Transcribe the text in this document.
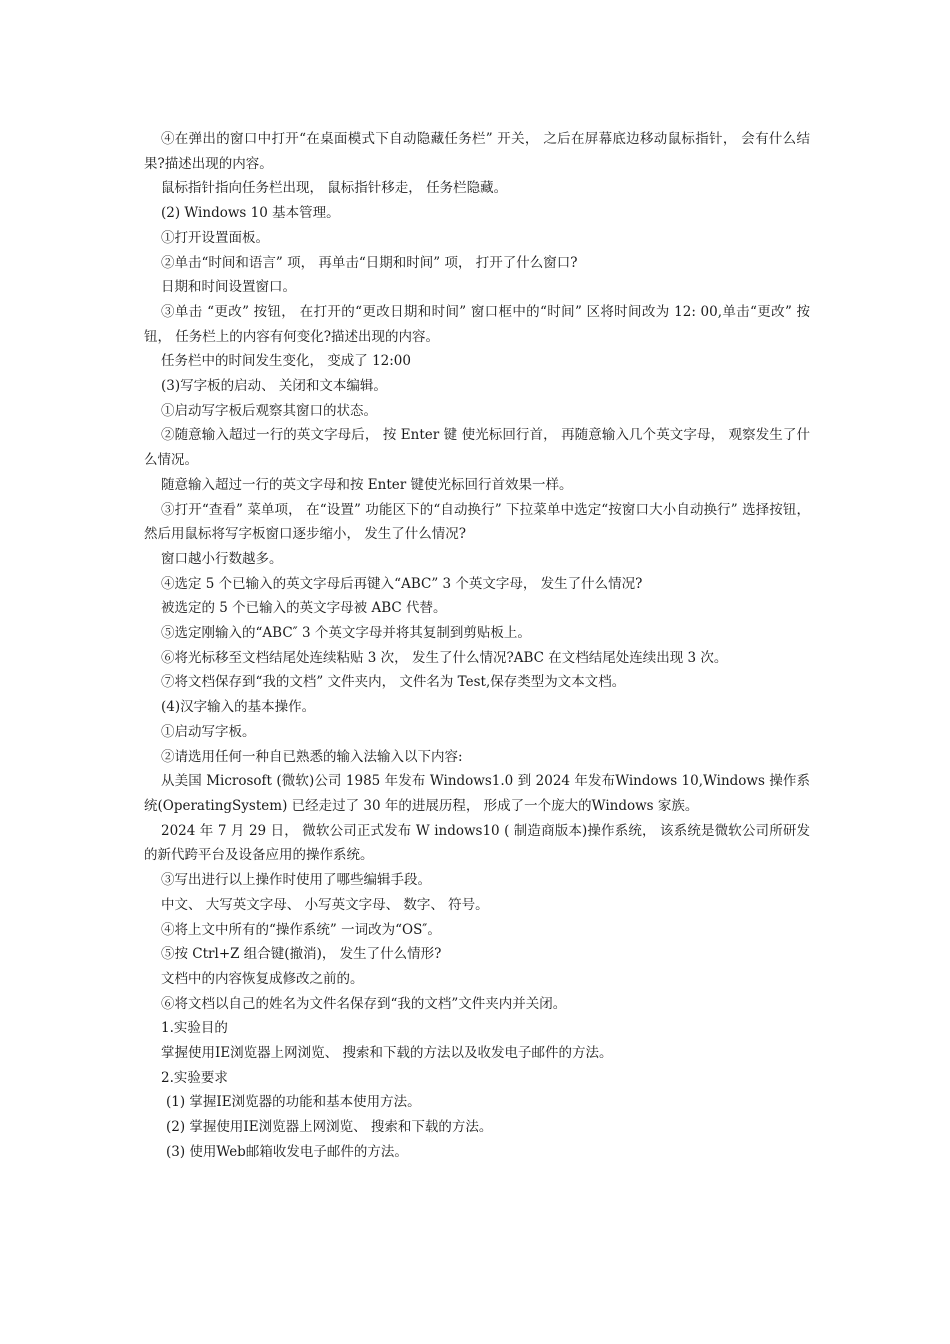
④在弹出的窗口中打开“在桌面模式下自动隐藏任务栏” 开关， 之后在屏幕底边移动鼠标指针， 会有什么结果?描述出现的内容。

鼠标指针指向任务栏出现， 鼠标指针移走， 任务栏隐藏。

(2) Windows 10 基本管理。

①打开设置面板。

②单击“时间和语言” 项， 再单击“日期和时间” 项， 打开了什么窗口?

日期和时间设置窗口。

③单击 “更改” 按钮， 在打开的“更改日期和时间” 窗口框中的“时间” 区将时间改为 12: 00,单击“更改” 按钮， 任务栏上的内容有何变化?描述出现的内容。

任务栏中的时间发生变化， 变成了 12:00

(3)写字板的启动、 关闭和文本编辑。

①启动写字板后观察其窗口的状态。

②随意输入超过一行的英文字母后， 按 Enter 键 使光标回行首， 再随意输入几个英文字母， 观察发生了什么情况。

随意输入超过一行的英文字母和按 Enter 键使光标回行首效果一样。

③打开“查看” 菜单项， 在“设置” 功能区下的“自动换行” 下拉菜单中选定“按窗口大小自动换行” 选择按钮， 然后用鼠标将写字板窗口逐步缩小， 发生了什么情况?

窗口越小行数越多。

④选定 5 个已输入的英文字母后再键入“ABC” 3 个英文字母， 发生了什么情况?

被选定的 5 个已输入的英文字母被 ABC 代替。

⑤选定刚输入的“ABC″ 3 个英文字母并将其复制到剪贴板上。

⑥将光标移至文档结尾处连续粘贴 3 次， 发生了什么情况?ABC 在文档结尾处连续出现 3 次。

⑦将文档保存到“我的文档” 文件夹内， 文件名为 Test,保存类型为文本文档。

(4)汉字输入的基本操作。

①启动写字板。

②请选用任何一种自已熟悉的输入法输入以下内容:

从美国 Microsoft (微软)公司 1985 年发布 Windows1.0 到 2024 年发布Windows 10,Windows 操作系统(OperatingSystem) 已经走过了 30 年的进展历程， 形成了一个庞大的Windows 家族。

2024 年 7 月 29 日， 微软公司正式发布 W indows10 ( 制造商版本)操作系统， 该系统是微软公司所研发的新代跨平台及设备应用的操作系统。

③写出进行以上操作时使用了哪些编辑手段。

中文、 大写英文字母、 小写英文字母、 数字、 符号。

④将上文中所有的“操作系统” 一词改为“OS″。

⑤按 Ctrl+Z 组合键(撤消)， 发生了什么情形?

文档中的内容恢复成修改之前的。

⑥将文档以自己的姓名为文件名保存到“我的文档”文件夹内并关闭。

1.实验目的

掌握使用IE浏览器上网浏览、 搜索和下载的方法以及收发电子邮件的方法。

2.实验要求

(1) 掌握IE浏览器的功能和基本使用方法。

(2) 掌握使用IE浏览器上网浏览、 搜索和下载的方法。

(3) 使用Web邮箱收发电子邮件的方法。
